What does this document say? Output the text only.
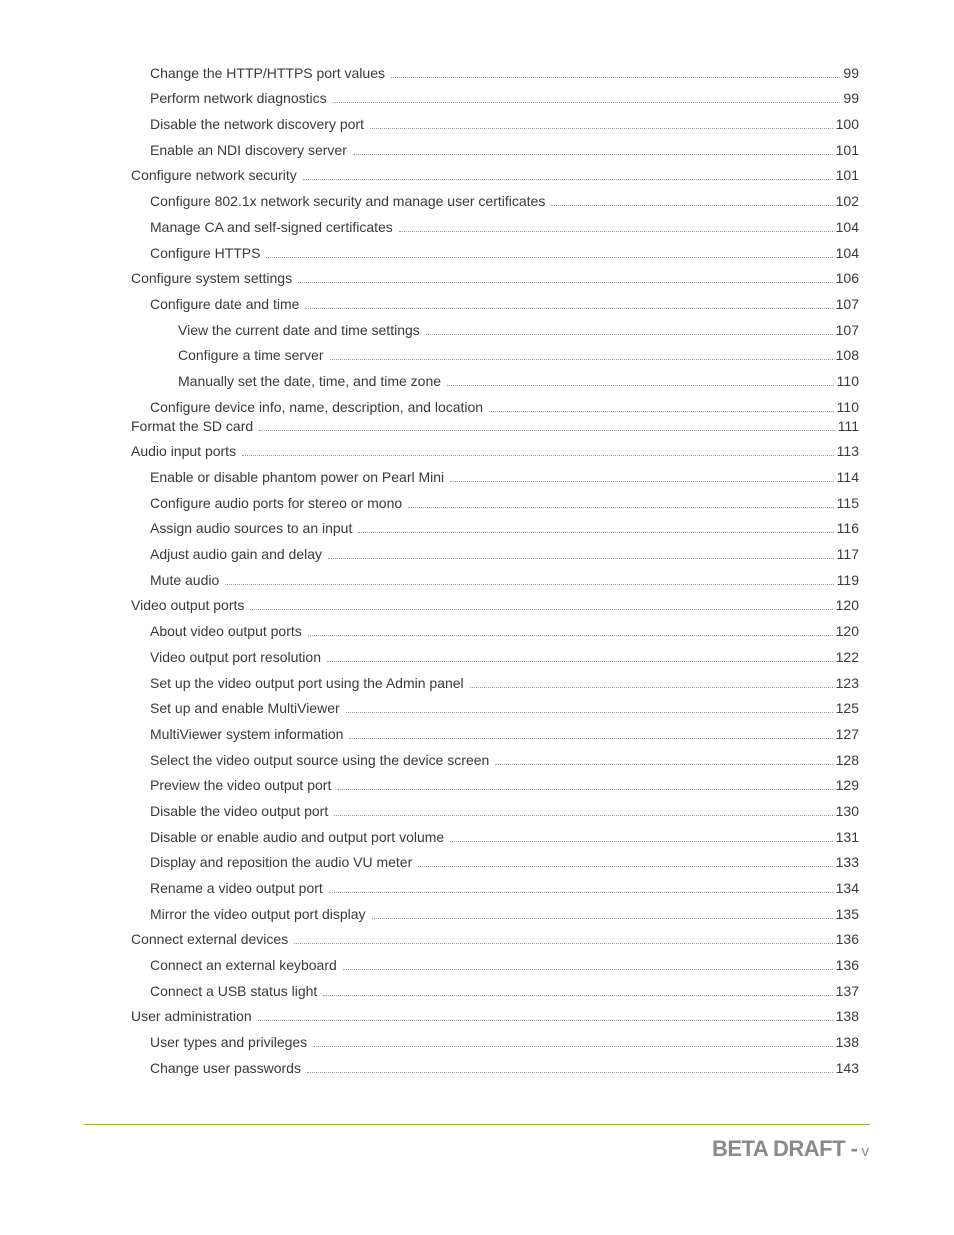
Change the HTTP/HTTPS port values	99
Perform network diagnostics	99
Disable the network discovery port	100
Enable an NDI discovery server	101
Configure network security	101
Configure 802.1x network security and manage user certificates	102
Manage CA and self-signed certificates	104
Configure HTTPS	104
Configure system settings	106
Configure date and time	107
View the current date and time settings	107
Configure a time server	108
Manually set the date, time, and time zone	110
Configure device info, name, description, and location	110
Format the SD card	111
Audio input ports	113
Enable or disable phantom power on Pearl Mini	114
Configure audio ports for stereo or mono	115
Assign audio sources to an input	116
Adjust audio gain and delay	117
Mute audio	119
Video output ports	120
About video output ports	120
Video output port resolution	122
Set up the video output port using the Admin panel	123
Set up and enable MultiViewer	125
MultiViewer system information	127
Select the video output source using the device screen	128
Preview the video output port	129
Disable the video output port	130
Disable or enable audio and output port volume	131
Display and reposition the audio VU meter	133
Rename a video output port	134
Mirror the video output port display	135
Connect external devices	136
Connect an external keyboard	136
Connect a USB status light	137
User administration	138
User types and privileges	138
Change user passwords	143
BETA DRAFT - v
